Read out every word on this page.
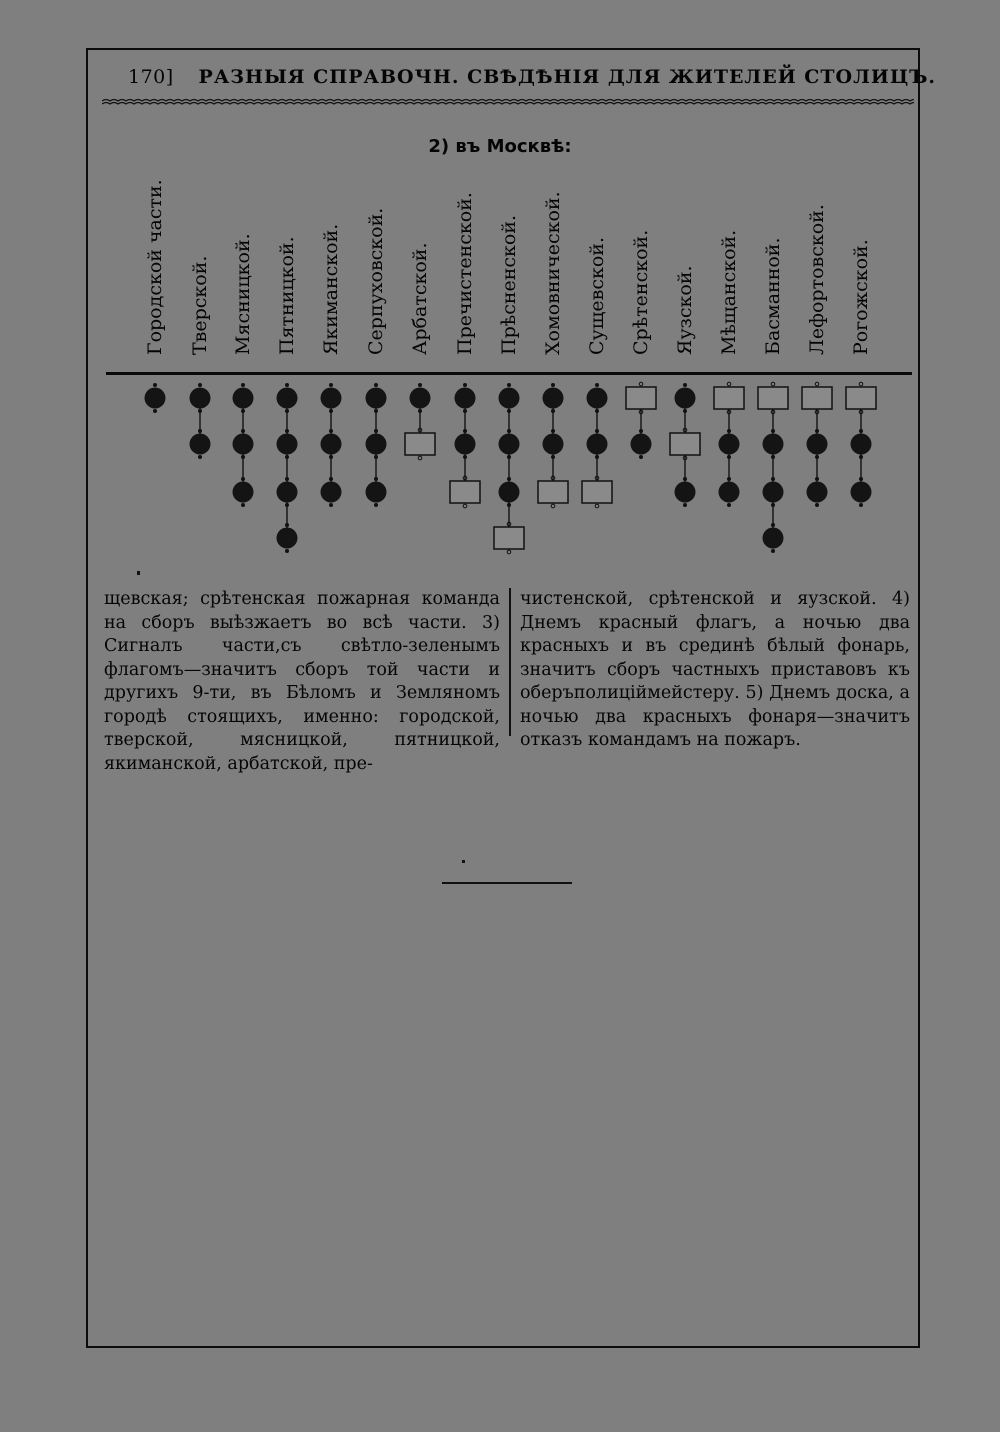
170] РАЗНЫЯ СПРАВОЧН. СВѢДѢНІЯ ДЛЯ ЖИТЕЛЕЙ СТОЛИЦЪ.
2) въ Москвѣ:
Городской части. Тверской. Мясницкой. Пятницкой. Якиманской. Серпуховской. Арбатской. Пречистенской. Прѣсненской. Хомовнической. Сущевской. Срѣтенской. Яузской. Мѣщанской. Басманной. Лефортовской. Рогожской.
щевская; срѣтенская пожарная команда на сборъ выѣзжаетъ во всѣ части. 3) Сигналъ части,съ свѣтло-зеленымъ флагомъ—значитъ сборъ той части и другихъ 9-ти, въ Бѣломъ и Земляномъ городѣ стоящихъ, именно: городской, тверской, мясницкой, пятницкой, якиманской, арбатской, пре-
чистенской, срѣтенской и яузской. 4) Днемъ красный флагъ, а ночью два красныхъ и въ срединѣ бѣлый фонарь, значитъ сборъ частныхъ приставовъ къ оберъполицiймейстеру. 5) Днемъ доска, а ночью два красныхъ фонаря—значитъ отказъ командамъ на пожаръ.
